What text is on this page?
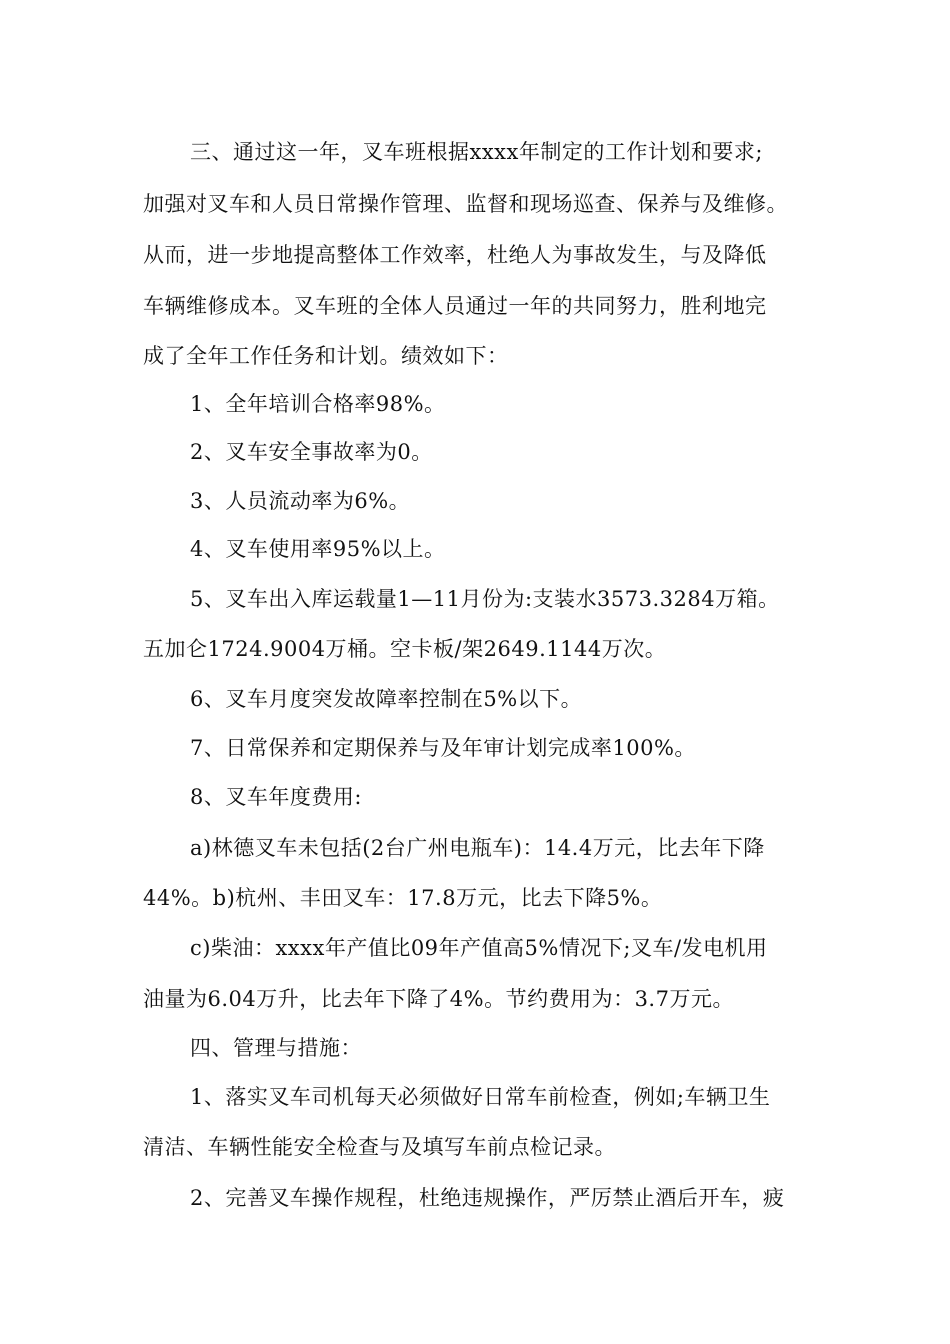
三、通过这一年，叉车班根据xxxx年制定的工作计划和要求;

加强对叉车和人员日常操作管理、监督和现场巡查、保养与及维修。

从而，进一步地提高整体工作效率，杜绝人为事故发生，与及降低

车辆维修成本。叉车班的全体人员通过一年的共同努力，胜利地完

成了全年工作任务和计划。绩效如下：

1、全年培训合格率98%。

2、叉车安全事故率为0。

3、人员流动率为6%。

4、叉车使用率95%以上。

5、叉车出入库运载量1—11月份为:支装水3573.3284万箱。

五加仑1724.9004万桶。空卡板/架2649.1144万次。

6、叉车月度突发故障率控制在5%以下。

7、日常保养和定期保养与及年审计划完成率100%。

8、叉车年度费用:

a)林德叉车未包括(2台广州电瓶车)：14.4万元，比去年下降

44%。b)杭州、丰田叉车：17.8万元，比去下降5%。

c)柴油：xxxx年产值比09年产值高5%情况下;叉车/发电机用

油量为6.04万升，比去年下降了4%。节约费用为：3.7万元。

四、管理与措施：

1、落实叉车司机每天必须做好日常车前检查，例如;车辆卫生

清洁、车辆性能安全检查与及填写车前点检记录。

2、完善叉车操作规程，杜绝违规操作，严厉禁止酒后开车，疲
